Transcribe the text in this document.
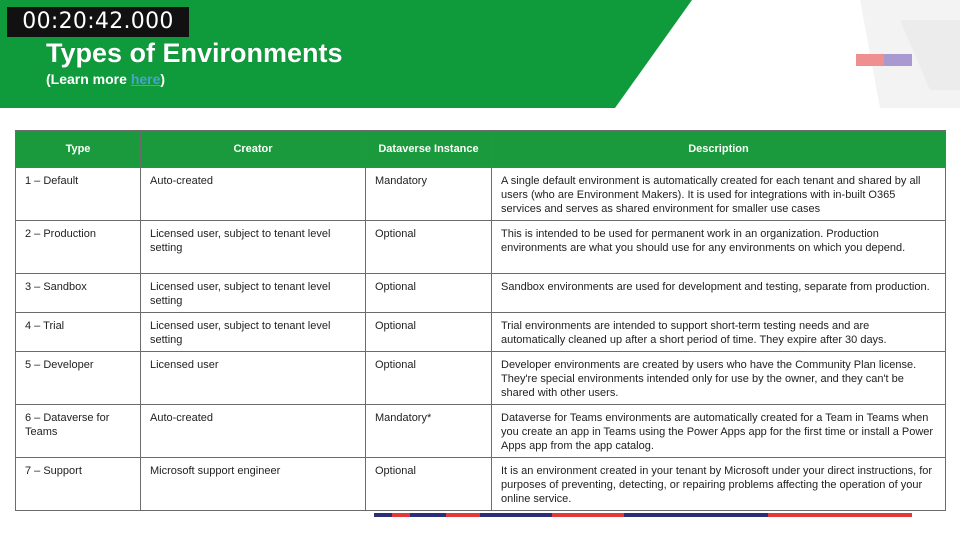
00:20:42.000
Types of Environments
(Learn more here)
Type	Creator	Dataverse Instance	Description
1 – Default	Auto-created	Mandatory	A single default environment is automatically created for each tenant and shared by all users (who are Environment Makers). It is used for integrations with in-built O365 services and serves as shared environment for smaller use cases
2 – Production	Licensed user, subject to tenant level setting	Optional	This is intended to be used for permanent work in an organization. Production environments are what you should use for any environments on which you depend.
3 – Sandbox	Licensed user, subject to tenant level setting	Optional	Sandbox environments are used for development and testing, separate from production.
4 – Trial	Licensed user, subject to tenant level setting	Optional	Trial environments are intended to support short-term testing needs and are automatically cleaned up after a short period of time. They expire after 30 days.
5 – Developer	Licensed user	Optional	Developer environments are created by users who have the Community Plan license. They're special environments intended only for use by the owner, and they can't be shared with other users.
6 – Dataverse for Teams	Auto-created	Mandatory*	Dataverse for Teams environments are automatically created for a Team in Teams when you create an app in Teams using the Power Apps app for the first time or install a Power Apps app from the app catalog.
7 – Support	Microsoft support engineer	Optional	It is an environment created in your tenant by Microsoft under your direct instructions, for purposes of preventing, detecting, or repairing problems affecting the operation of your online service.
